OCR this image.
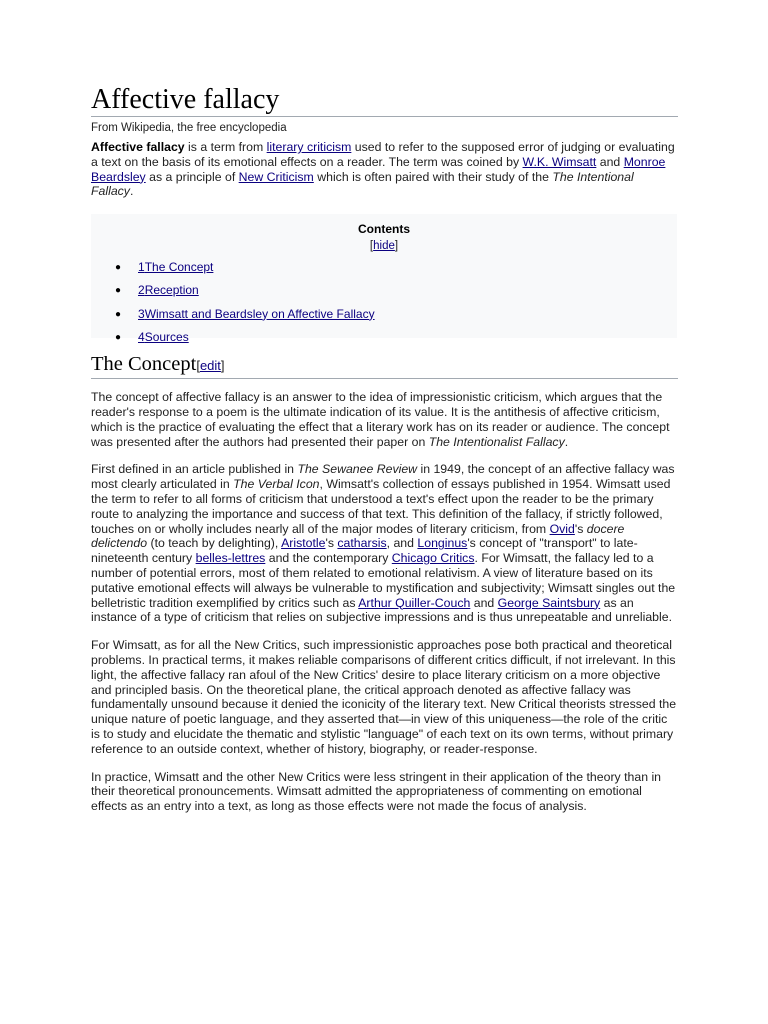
Affective fallacy
From Wikipedia, the free encyclopedia

Affective fallacy is a term from literary criticism used to refer to the supposed error of judging or evaluating a text on the basis of its emotional effects on a reader. The term was coined by W.K. Wimsatt and Monroe Beardsley as a principle of New Criticism which is often paired with their study of the The Intentional Fallacy.

Contents
[hide]
● 1The Concept
● 2Reception
● 3Wimsatt and Beardsley on Affective Fallacy
● 4Sources
The Concept[edit]

The concept of affective fallacy is an answer to the idea of impressionistic criticism, which argues that the reader's response to a poem is the ultimate indication of its value. It is the antithesis of affective criticism, which is the practice of evaluating the effect that a literary work has on its reader or audience. The concept was presented after the authors had presented their paper on The Intentionalist Fallacy.

First defined in an article published in The Sewanee Review in 1949, the concept of an affective fallacy was most clearly articulated in The Verbal Icon, Wimsatt's collection of essays published in 1954. Wimsatt used the term to refer to all forms of criticism that understood a text's effect upon the reader to be the primary route to analyzing the importance and success of that text. This definition of the fallacy, if strictly followed, touches on or wholly includes nearly all of the major modes of literary criticism, from Ovid's docere delictendo (to teach by delighting), Aristotle's catharsis, and Longinus's concept of "transport" to late-nineteenth century belles-lettres and the contemporary Chicago Critics. For Wimsatt, the fallacy led to a number of potential errors, most of them related to emotional relativism. A view of literature based on its putative emotional effects will always be vulnerable to mystification and subjectivity; Wimsatt singles out the belletristic tradition exemplified by critics such as Arthur Quiller-Couch and George Saintsbury as an instance of a type of criticism that relies on subjective impressions and is thus unrepeatable and unreliable.

For Wimsatt, as for all the New Critics, such impressionistic approaches pose both practical and theoretical problems. In practical terms, it makes reliable comparisons of different critics difficult, if not irrelevant. In this light, the affective fallacy ran afoul of the New Critics' desire to place literary criticism on a more objective and principled basis. On the theoretical plane, the critical approach denoted as affective fallacy was fundamentally unsound because it denied the iconicity of the literary text. New Critical theorists stressed the unique nature of poetic language, and they asserted that—in view of this uniqueness—the role of the critic is to study and elucidate the thematic and stylistic "language" of each text on its own terms, without primary reference to an outside context, whether of history, biography, or reader-response.

In practice, Wimsatt and the other New Critics were less stringent in their application of the theory than in their theoretical pronouncements. Wimsatt admitted the appropriateness of commenting on emotional effects as an entry into a text, as long as those effects were not made the focus of analysis.
